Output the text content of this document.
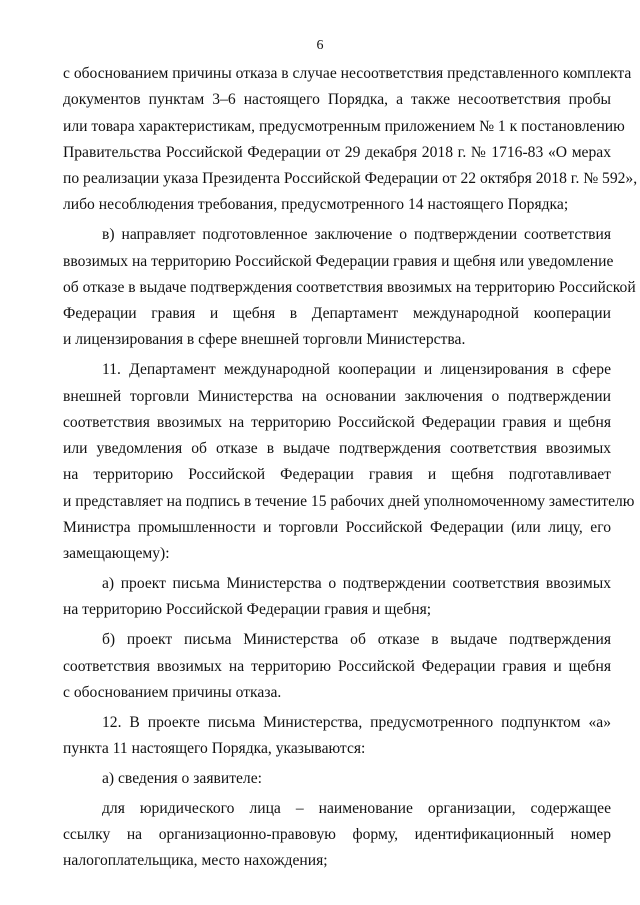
6
с обоснованием причины отказа в случае несоответствия представленного комплекта
документов пунктам 3–6 настоящего Порядка, а также несоответствия пробы
или товара характеристикам, предусмотренным приложением № 1 к постановлению
Правительства Российской Федерации от 29 декабря 2018 г. № 1716-83 «О мерах
по реализации указа Президента Российской Федерации от 22 октября 2018 г. № 592»,
либо несоблюдения требования, предусмотренного 14 настоящего Порядка;
в) направляет подготовленное заключение о подтверждении соответствия
ввозимых на территорию Российской Федерации гравия и щебня или уведомление
об отказе в выдаче подтверждения соответствия ввозимых на территорию Российской
Федерации гравия и щебня в Департамент международной кооперации
и лицензирования в сфере внешней торговли Министерства.
11. Департамент международной кооперации и лицензирования в сфере
внешней торговли Министерства на основании заключения о подтверждении
соответствия ввозимых на территорию Российской Федерации гравия и щебня
или уведомления об отказе в выдаче подтверждения соответствия ввозимых
на территорию Российской Федерации гравия и щебня подготавливает
и представляет на подпись в течение 15 рабочих дней уполномоченному заместителю
Министра промышленности и торговли Российской Федерации (или лицу, его
замещающему):
а) проект письма Министерства о подтверждении соответствия ввозимых
на территорию Российской Федерации гравия и щебня;
б) проект письма Министерства об отказе в выдаче подтверждения
соответствия ввозимых на территорию Российской Федерации гравия и щебня
с обоснованием причины отказа.
12. В проекте письма Министерства, предусмотренного подпунктом «а»
пункта 11 настоящего Порядка, указываются:
а) сведения о заявителе:
для юридического лица – наименование организации, содержащее
ссылку на организационно-правовую форму, идентификационный номер
налогоплательщика, место нахождения;
